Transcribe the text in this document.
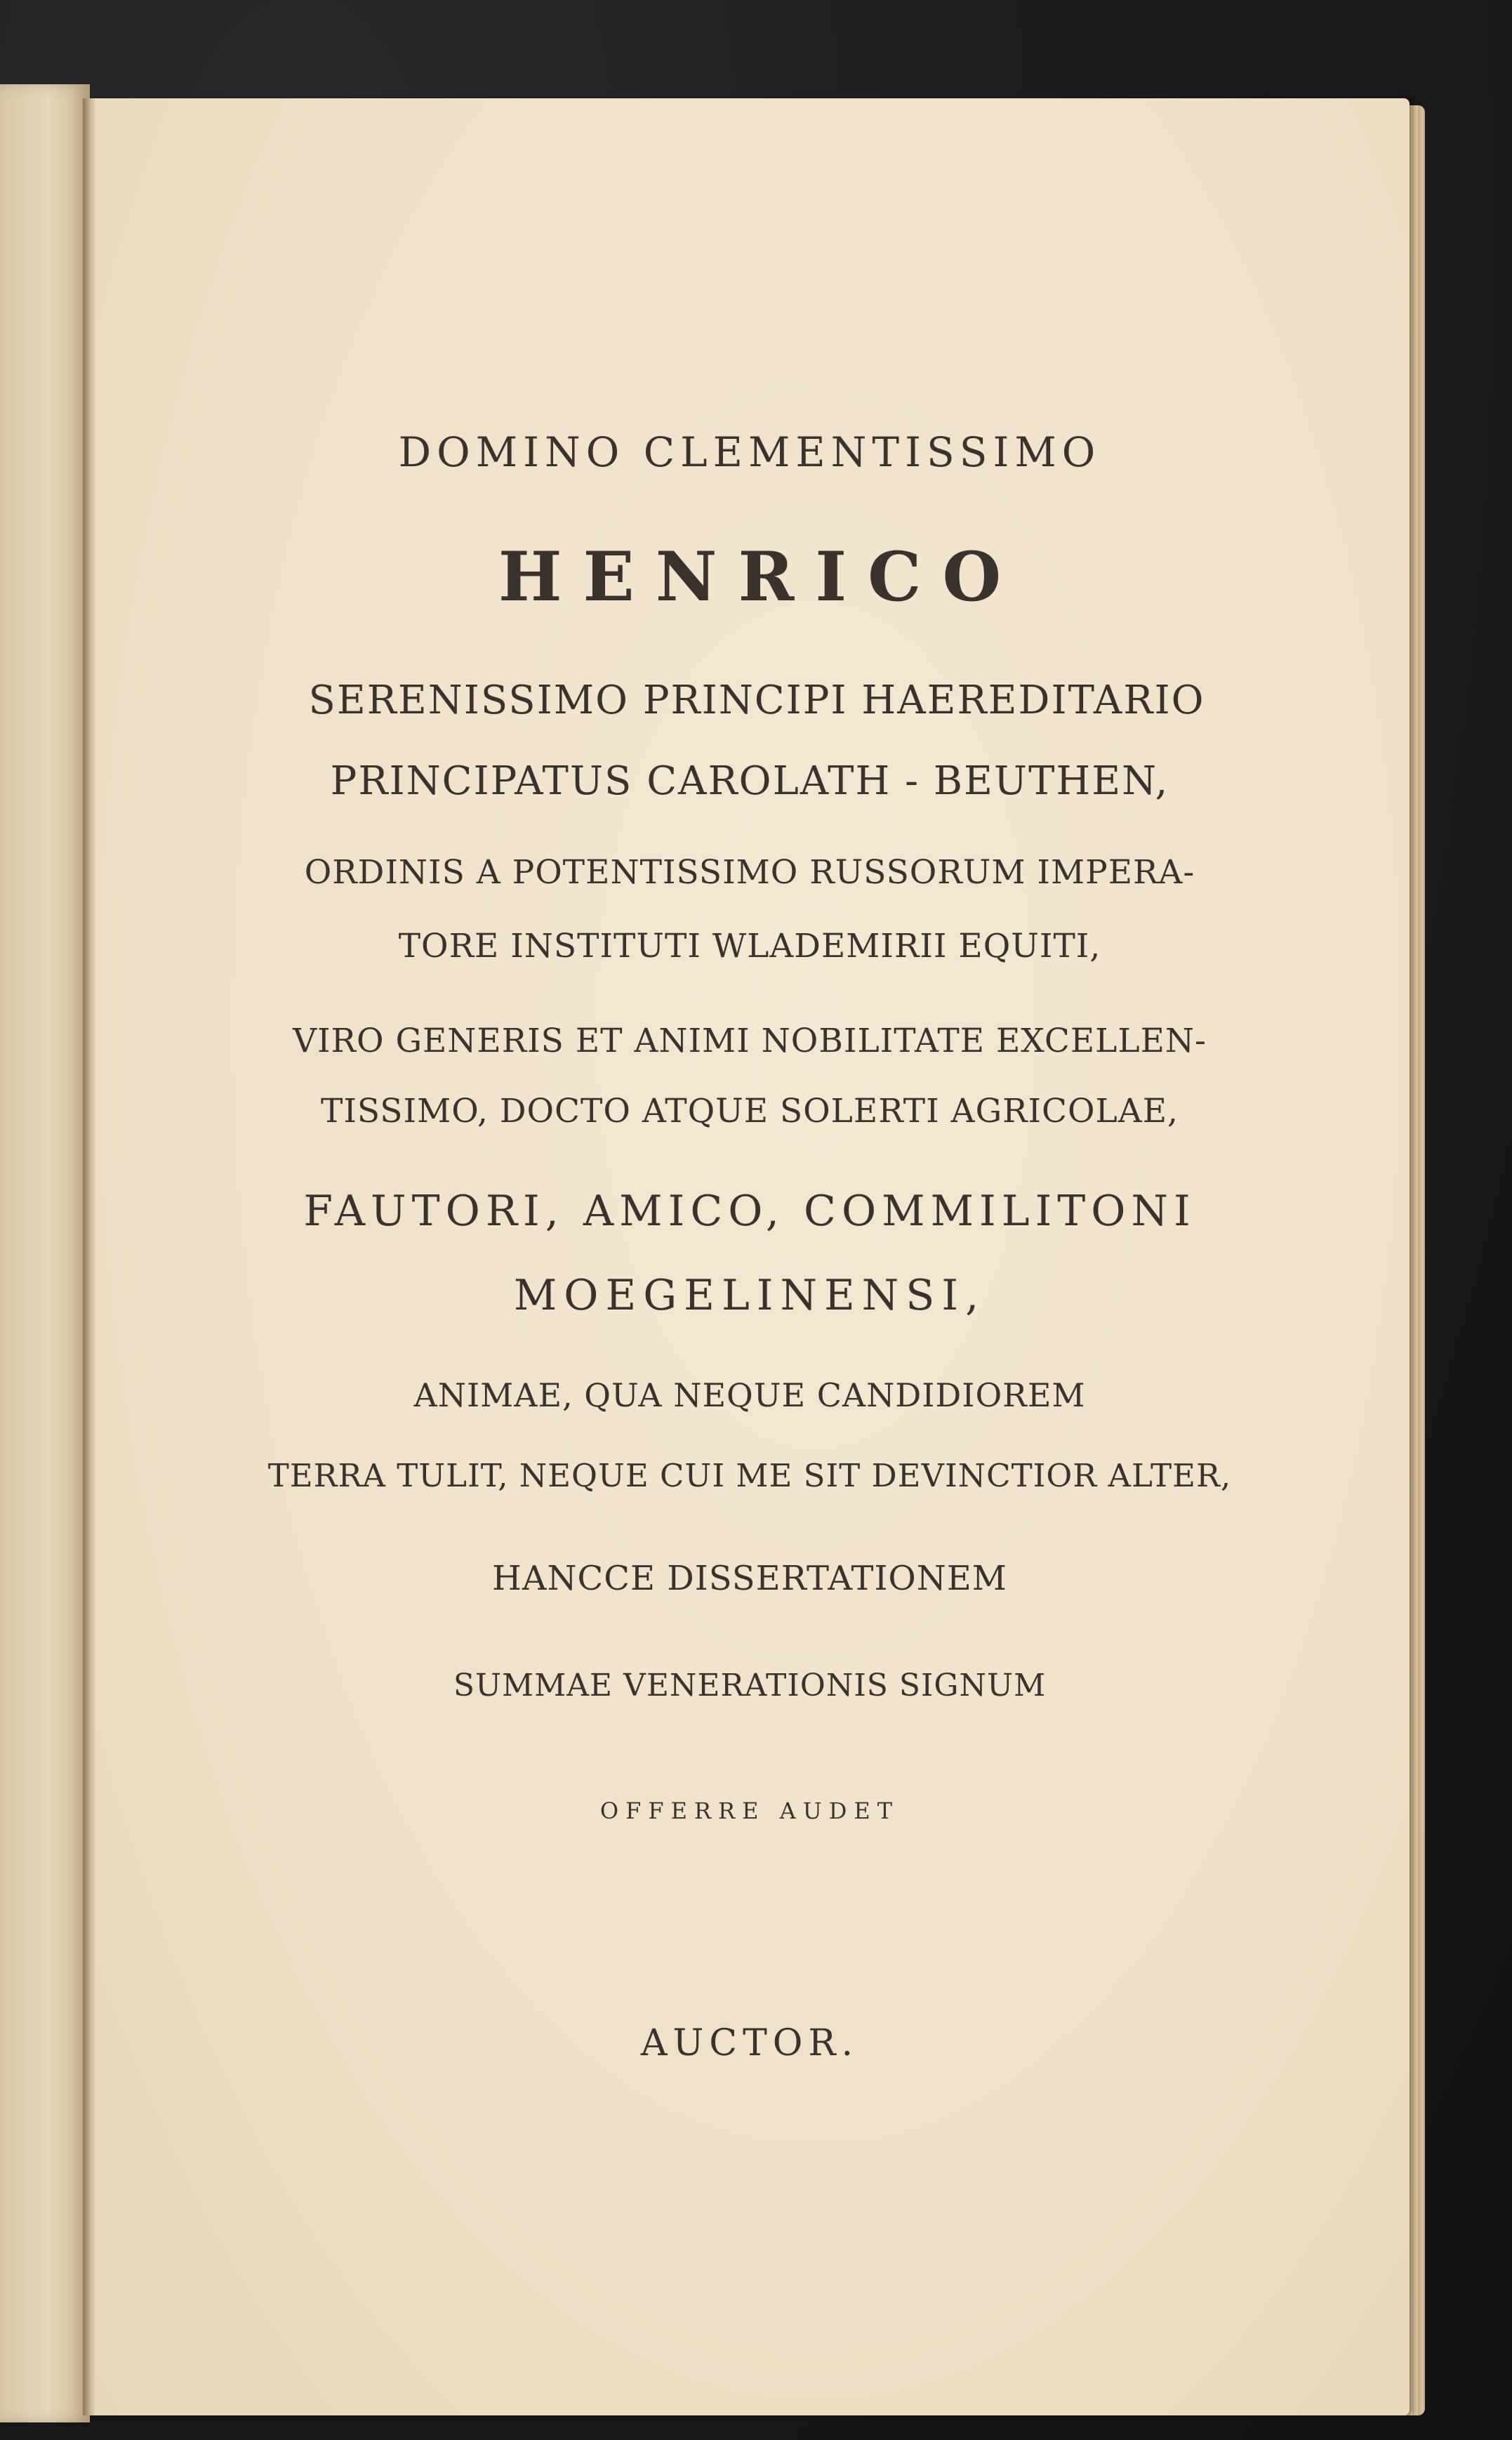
DOMINO CLEMENTISSIMO
HENRICO
SERENISSIMO PRINCIPI HAEREDITARIO
PRINCIPATUS CAROLATH - BEUTHEN,
ORDINIS A POTENTISSIMO RUSSORUM IMPERA-
TORE INSTITUTI WLADEMIRII EQUITI,
VIRO GENERIS ET ANIMI NOBILITATE EXCELLEN-
TISSIMO, DOCTO ATQUE SOLERTI AGRICOLAE,
FAUTORI, AMICO, COMMILITONI
MOEGELINENSI,
ANIMAE, QUA NEQUE CANDIDIOREM
TERRA TULIT, NEQUE CUI ME SIT DEVINCTIOR ALTER,
HANCCE DISSERTATIONEM
SUMMAE VENERATIONIS SIGNUM
OFFERRE AUDET
AUCTOR.
